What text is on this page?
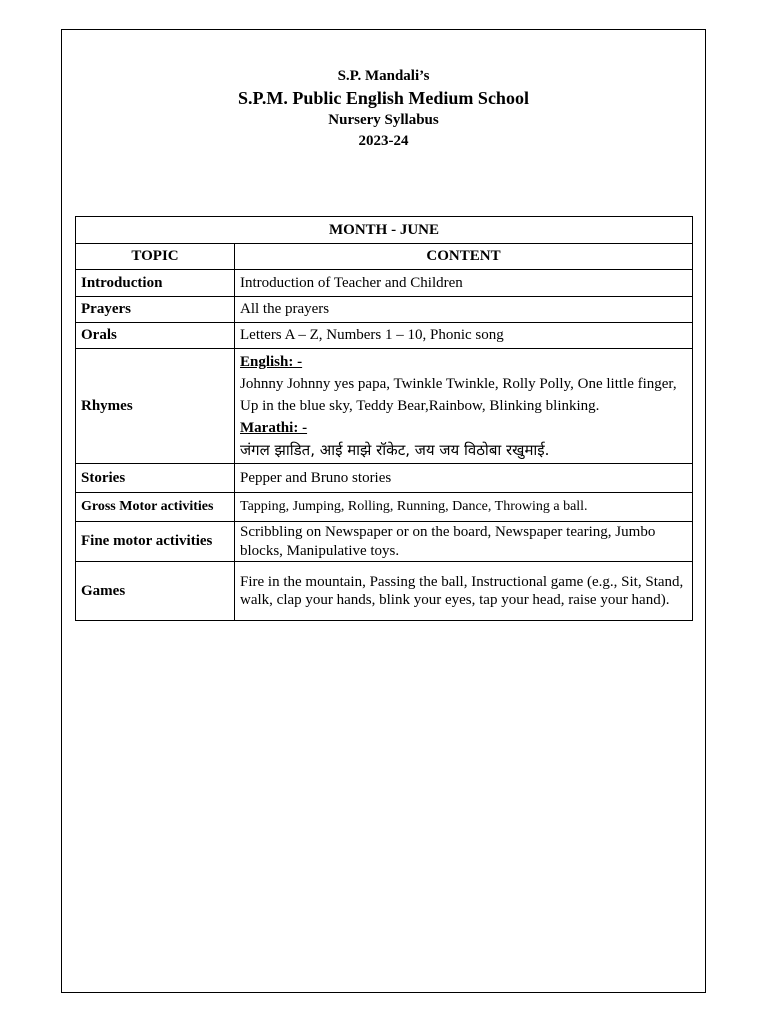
S.P. Mandali’s
S.P.M. Public English Medium School
Nursery Syllabus
2023-24
MONTH - JUNE	
TOPIC	CONTENT
Introduction	Introduction of Teacher and Children
Prayers	All the prayers
Orals	Letters A – Z, Numbers 1 – 10, Phonic song
Rhymes	English: -
Johnny Johnny yes papa, Twinkle Twinkle, Rolly Polly, One little finger, Up in the blue sky, Teddy Bear,Rainbow, Blinking blinking.
Marathi: -
जंगल झाडित, आई माझे रॉकेट, जय जय विठोबा रखुमाई.

Stories	Pepper and Bruno stories
Gross Motor activities	Tapping, Jumping, Rolling, Running, Dance, Throwing a ball.
Fine motor activities	Scribbling on Newspaper or on the board, Newspaper tearing, Jumbo blocks, Manipulative toys.
Games	Fire in the mountain, Passing the ball, Instructional game (e.g., Sit, Stand, walk, clap your hands, blink your eyes, tap your head, raise your hand).
